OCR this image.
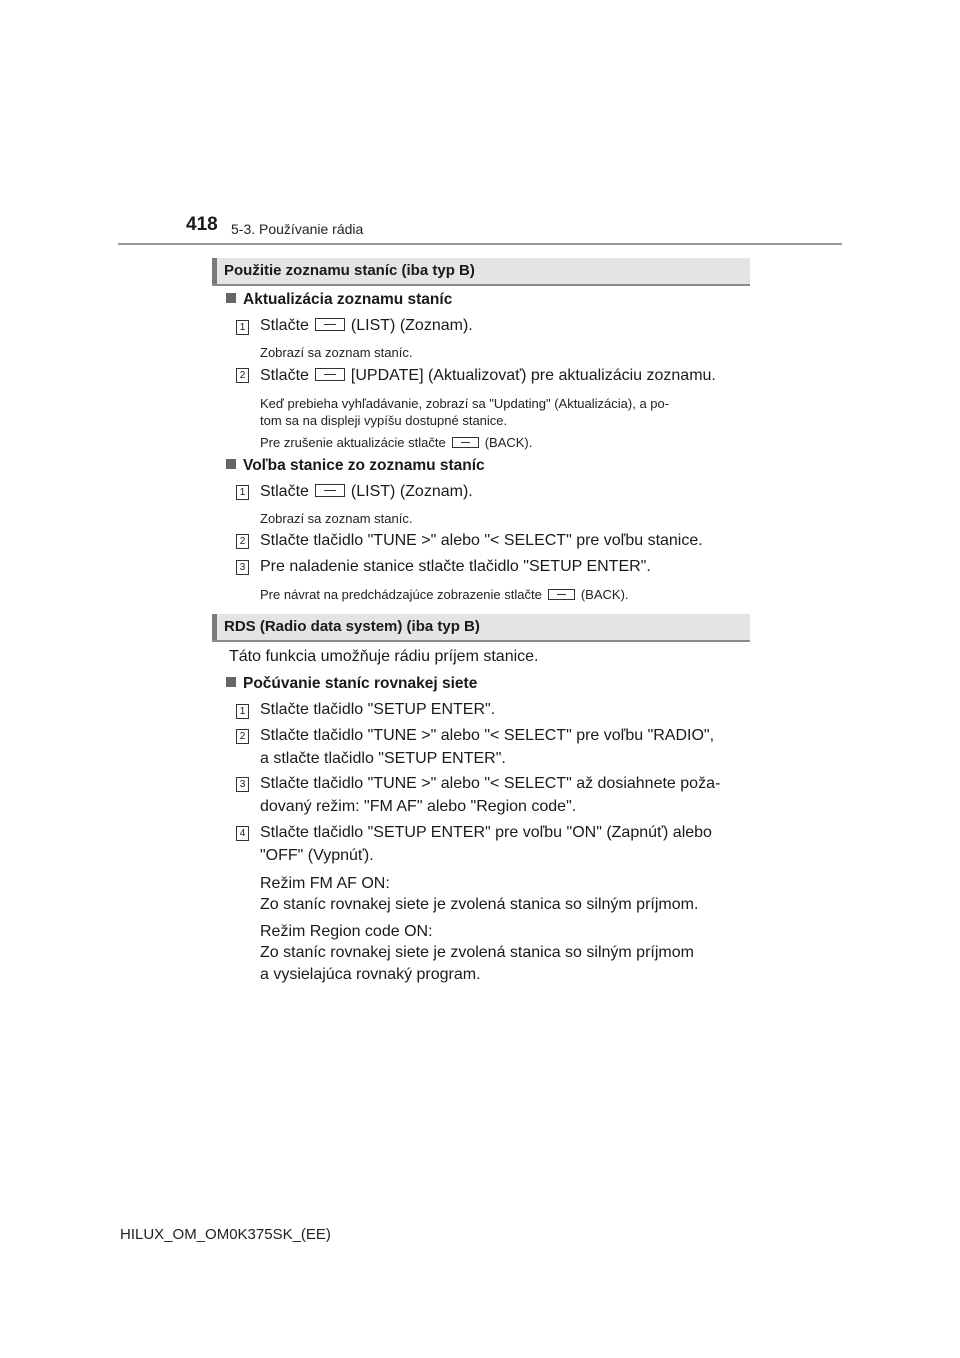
418 5-3. Používanie rádia
Použitie zoznamu staníc (iba typ B)
Aktualizácia zoznamu staníc
1 Stlačte	(LIST) (Zoznam).
Zobrazí sa zoznam staníc.
2 Stlačte	[UPDATE] (Aktualizovať) pre aktualizáciu zoznamu.
Keď prebieha vyhľadávanie, zobrazí sa "Updating" (Aktualizácia), a po-
tom sa na displeji vypíšu dostupné stanice.
Pre zrušenie aktualizácie stlačte	(BACK).
Voľba stanice zo zoznamu staníc
1 Stlačte	(LIST) (Zoznam).
Zobrazí sa zoznam staníc.
2 Stlačte tlačidlo "TUNE >" alebo "< SELECT" pre voľbu stanice.
3 Pre naladenie stanice stlačte tlačidlo "SETUP ENTER".
Pre návrat na predchádzajúce zobrazenie stlačte	(BACK).
RDS (Radio data system) (iba typ B)
Táto funkcia umožňuje rádiu príjem stanice.
Počúvanie staníc rovnakej siete
1 Stlačte tlačidlo "SETUP ENTER".
2 Stlačte tlačidlo "TUNE >" alebo "< SELECT" pre voľbu "RADIO",
a stlačte tlačidlo "SETUP ENTER".
3 Stlačte tlačidlo "TUNE >" alebo "< SELECT" až dosiahnete poža-
dovaný režim: "FM AF" alebo "Region code".
4 Stlačte tlačidlo "SETUP ENTER" pre voľbu "ON" (Zapnúť) alebo
"OFF" (Vypnúť).
Režim FM AF ON:
Zo staníc rovnakej siete je zvolená stanica so silným príjmom.
Režim Region code ON:
Zo staníc rovnakej siete je zvolená stanica so silným príjmom
a vysielajúca rovnaký program.
HILUX_OM_OM0K375SK_(EE)
